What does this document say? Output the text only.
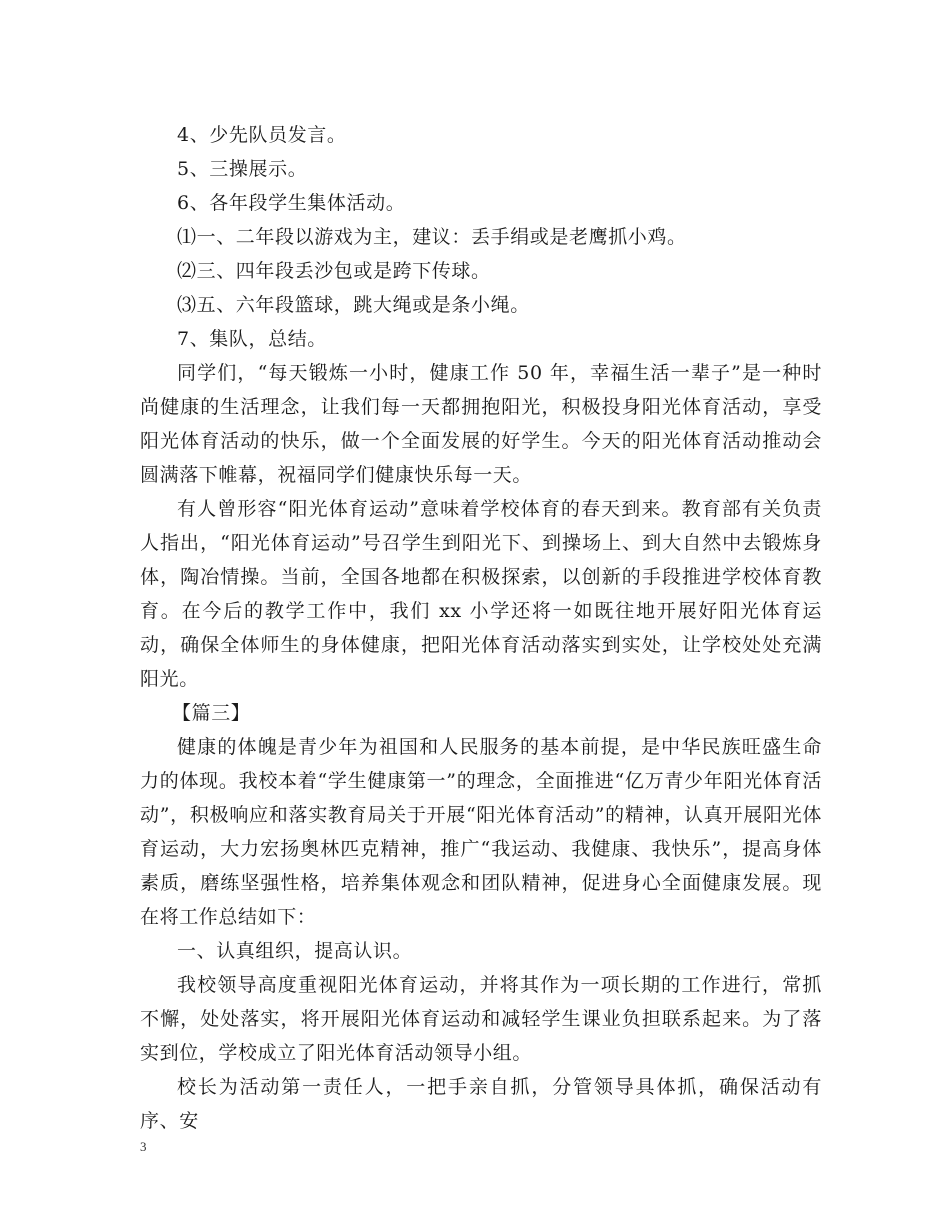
4、少先队员发言。

5、三操展示。

6、各年段学生集体活动。

⑴一、二年段以游戏为主，建议：丢手绢或是老鹰抓小鸡。

⑵三、四年段丢沙包或是跨下传球。

⑶五、六年段篮球，跳大绳或是条小绳。

7、集队，总结。

同学们，“每天锻炼一小时，健康工作 50 年，幸福生活一辈子”是一种时尚健康的生活理念，让我们每一天都拥抱阳光，积极投身阳光体育活动，享受阳光体育活动的快乐，做一个全面发展的好学生。今天的阳光体育活动推动会圆满落下帷幕，祝福同学们健康快乐每一天。

有人曾形容“阳光体育运动”意味着学校体育的春天到来。教育部有关负责人指出，“阳光体育运动”号召学生到阳光下、到操场上、到大自然中去锻炼身体，陶冶情操。当前，全国各地都在积极探索，以创新的手段推进学校体育教育。在今后的教学工作中，我们 xx 小学还将一如既往地开展好阳光体育运动，确保全体师生的身体健康，把阳光体育活动落实到实处，让学校处处充满阳光。

【篇三】

健康的体魄是青少年为祖国和人民服务的基本前提，是中华民族旺盛生命力的体现。我校本着“学生健康第一”的理念，全面推进“亿万青少年阳光体育活动”，积极响应和落实教育局关于开展“阳光体育活动”的精神，认真开展阳光体育运动，大力宏扬奥林匹克精神，推广“我运动、我健康、我快乐”，提高身体素质，磨练坚强性格，培养集体观念和团队精神，促进身心全面健康发展。现在将工作总结如下：

一、认真组织，提高认识。

我校领导高度重视阳光体育运动，并将其作为一项长期的工作进行，常抓不懈，处处落实，将开展阳光体育运动和减轻学生课业负担联系起来。为了落实到位，学校成立了阳光体育活动领导小组。

校长为活动第一责任人，一把手亲自抓，分管领导具体抓，确保活动有序、安

3
